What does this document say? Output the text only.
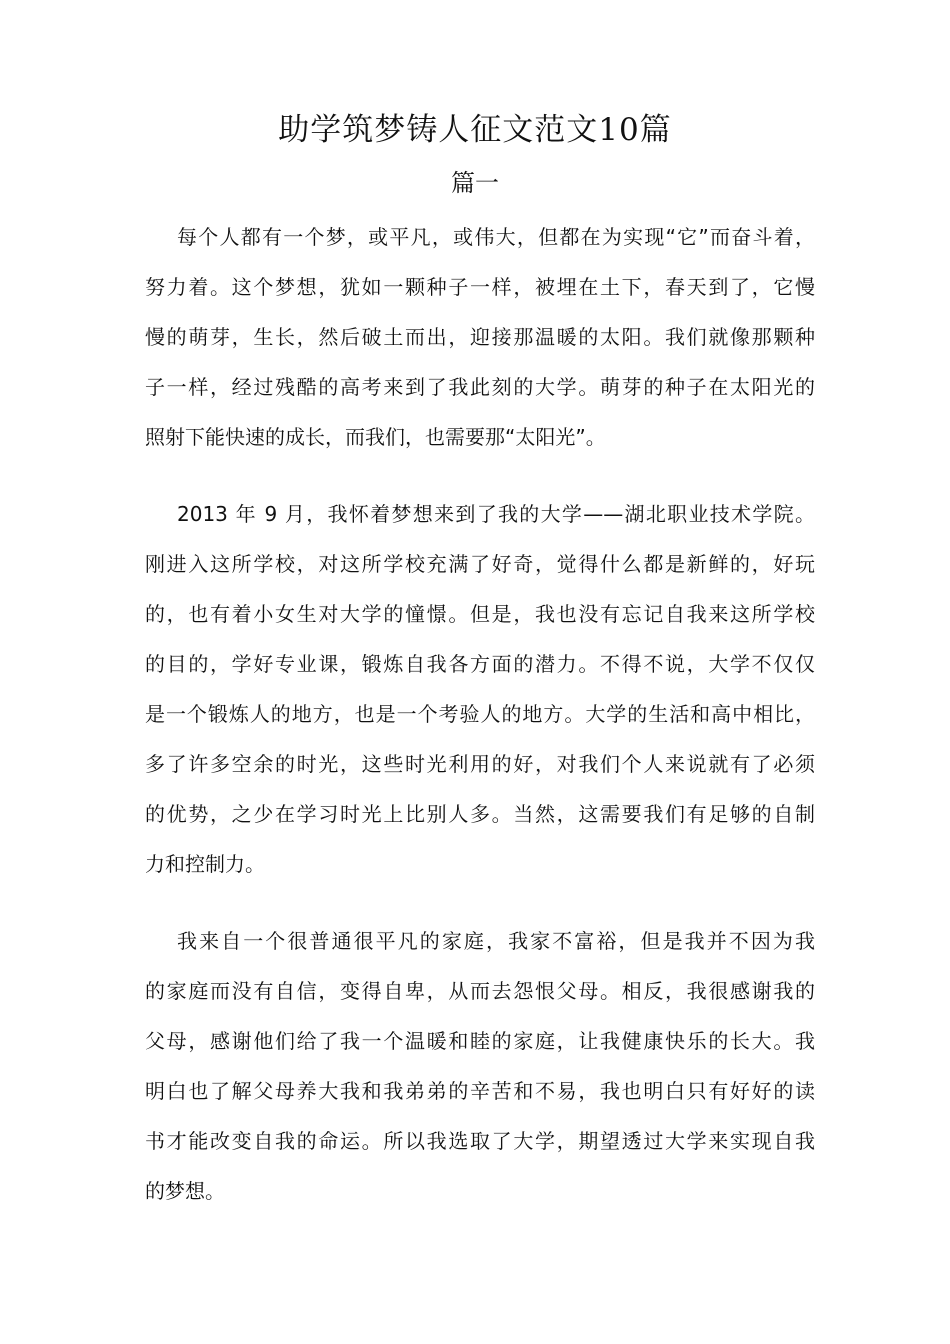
助学筑梦铸人征文范文10篇
篇一
每个人都有一个梦，或平凡，或伟大，但都在为实现“它”而奋斗着，
努力着。这个梦想，犹如一颗种子一样，被埋在土下，春天到了，它慢
慢的萌芽，生长，然后破土而出，迎接那温暖的太阳。我们就像那颗种
子一样，经过残酷的高考来到了我此刻的大学。萌芽的种子在太阳光的
照射下能快速的成长，而我们，也需要那“太阳光”。
2013 年 9 月，我怀着梦想来到了我的大学——湖北职业技术学院。
刚进入这所学校，对这所学校充满了好奇，觉得什么都是新鲜的，好玩
的，也有着小女生对大学的憧憬。但是，我也没有忘记自我来这所学校
的目的，学好专业课，锻炼自我各方面的潜力。不得不说，大学不仅仅
是一个锻炼人的地方，也是一个考验人的地方。大学的生活和高中相比，
多了许多空余的时光，这些时光利用的好，对我们个人来说就有了必须
的优势，之少在学习时光上比别人多。当然，这需要我们有足够的自制
力和控制力。
我来自一个很普通很平凡的家庭，我家不富裕，但是我并不因为我
的家庭而没有自信，变得自卑，从而去怨恨父母。相反，我很感谢我的
父母，感谢他们给了我一个温暖和睦的家庭，让我健康快乐的长大。我
明白也了解父母养大我和我弟弟的辛苦和不易，我也明白只有好好的读
书才能改变自我的命运。所以我选取了大学，期望透过大学来实现自我
的梦想。
